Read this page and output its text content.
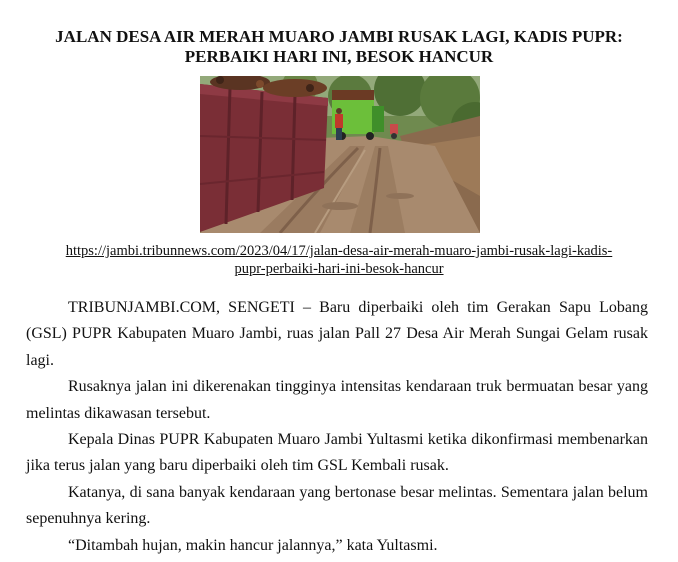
JALAN DESA AIR MERAH MUARO JAMBI RUSAK LAGI, KADIS PUPR:
PERBAIKI HARI INI, BESOK HANCUR
https://jambi.tribunnews.com/2023/04/17/jalan-desa-air-merah-muaro-jambi-rusak-lagi-kadis-
pupr-perbaiki-hari-ini-besok-hancur

TRIBUNJAMBI.COM, SENGETI – Baru diperbaiki oleh tim Gerakan Sapu Lobang (GSL) PUPR Kabupaten Muaro Jambi, ruas jalan Pall 27 Desa Air Merah Sungai Gelam rusak lagi.

Rusaknya jalan ini dikerenakan tingginya intensitas kendaraan truk bermuatan besar yang melintas dikawasan tersebut.

Kepala Dinas PUPR Kabupaten Muaro Jambi Yultasmi ketika dikonfirmasi membenarkan jika terus jalan yang baru diperbaiki oleh tim GSL Kembali rusak.

Katanya, di sana banyak kendaraan yang bertonase besar melintas. Sementara jalan belum sepenuhnya kering.

“Ditambah hujan, makin hancur jalannya,” kata Yultasmi.
